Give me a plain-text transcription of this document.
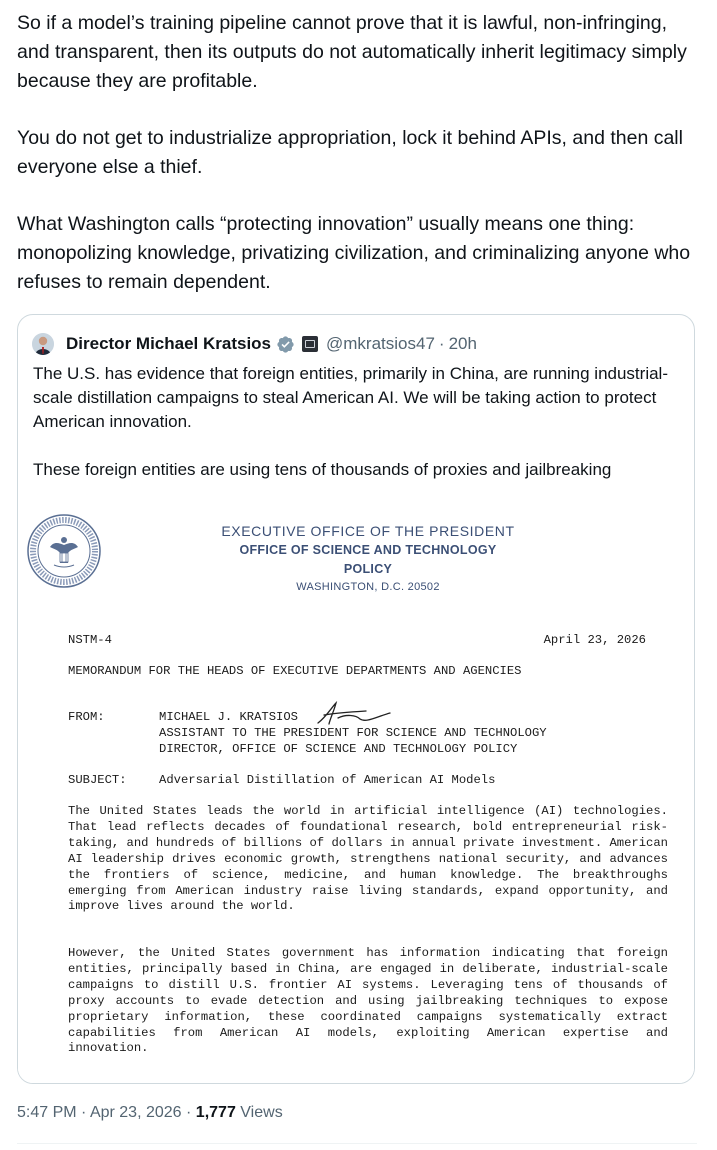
So if a model’s training pipeline cannot prove that it is lawful, non-infringing, and transparent, then its outputs do not automatically inherit legitimacy simply because they are profitable.

You do not get to industrialize appropriation, lock it behind APIs, and then call everyone else a thief.

What Washington calls “protecting innovation” usually means one thing: monopolizing knowledge, privatizing civilization, and criminalizing anyone who refuses to remain dependent.

Director Michael Kratsios	@mkratsios47 · 20h

The U.S. has evidence that foreign entities, primarily in China, are running industrial-scale distillation campaigns to steal American AI. We will be taking action to protect American innovation.

These foreign entities are using tens of thousands of proxies and jailbreaking

EXECUTIVE OFFICE OF THE PRESIDENT
OFFICE OF SCIENCE AND TECHNOLOGY POLICY
WASHINGTON, D.C. 20502
NSTM-4	April 23, 2026
MEMORANDUM FOR THE HEADS OF EXECUTIVE DEPARTMENTS AND AGENCIES
FROM:	MICHAEL J. KRATSIOS
ASSISTANT TO THE PRESIDENT FOR SCIENCE AND TECHNOLOGY
DIRECTOR, OFFICE OF SCIENCE AND TECHNOLOGY POLICY
SUBJECT:	Adversarial Distillation of American AI Models
The United States leads the world in artificial intelligence (AI) technologies. That lead reflects decades of foundational research, bold entrepreneurial risk-taking, and hundreds of billions of dollars in annual private investment. American AI leadership drives economic growth, strengthens national security, and advances the frontiers of science, medicine, and human knowledge. The breakthroughs emerging from American industry raise living standards, expand opportunity, and improve lives around the world.
However, the United States government has information indicating that foreign entities, principally based in China, are engaged in deliberate, industrial-scale campaigns to distill U.S. frontier AI systems. Leveraging tens of thousands of proxy accounts to evade detection and using jailbreaking techniques to expose proprietary information, these coordinated campaigns systematically extract capabilities from American AI models, exploiting American expertise and innovation.
5:47 PM · Apr 23, 2026 · 1,777 Views
